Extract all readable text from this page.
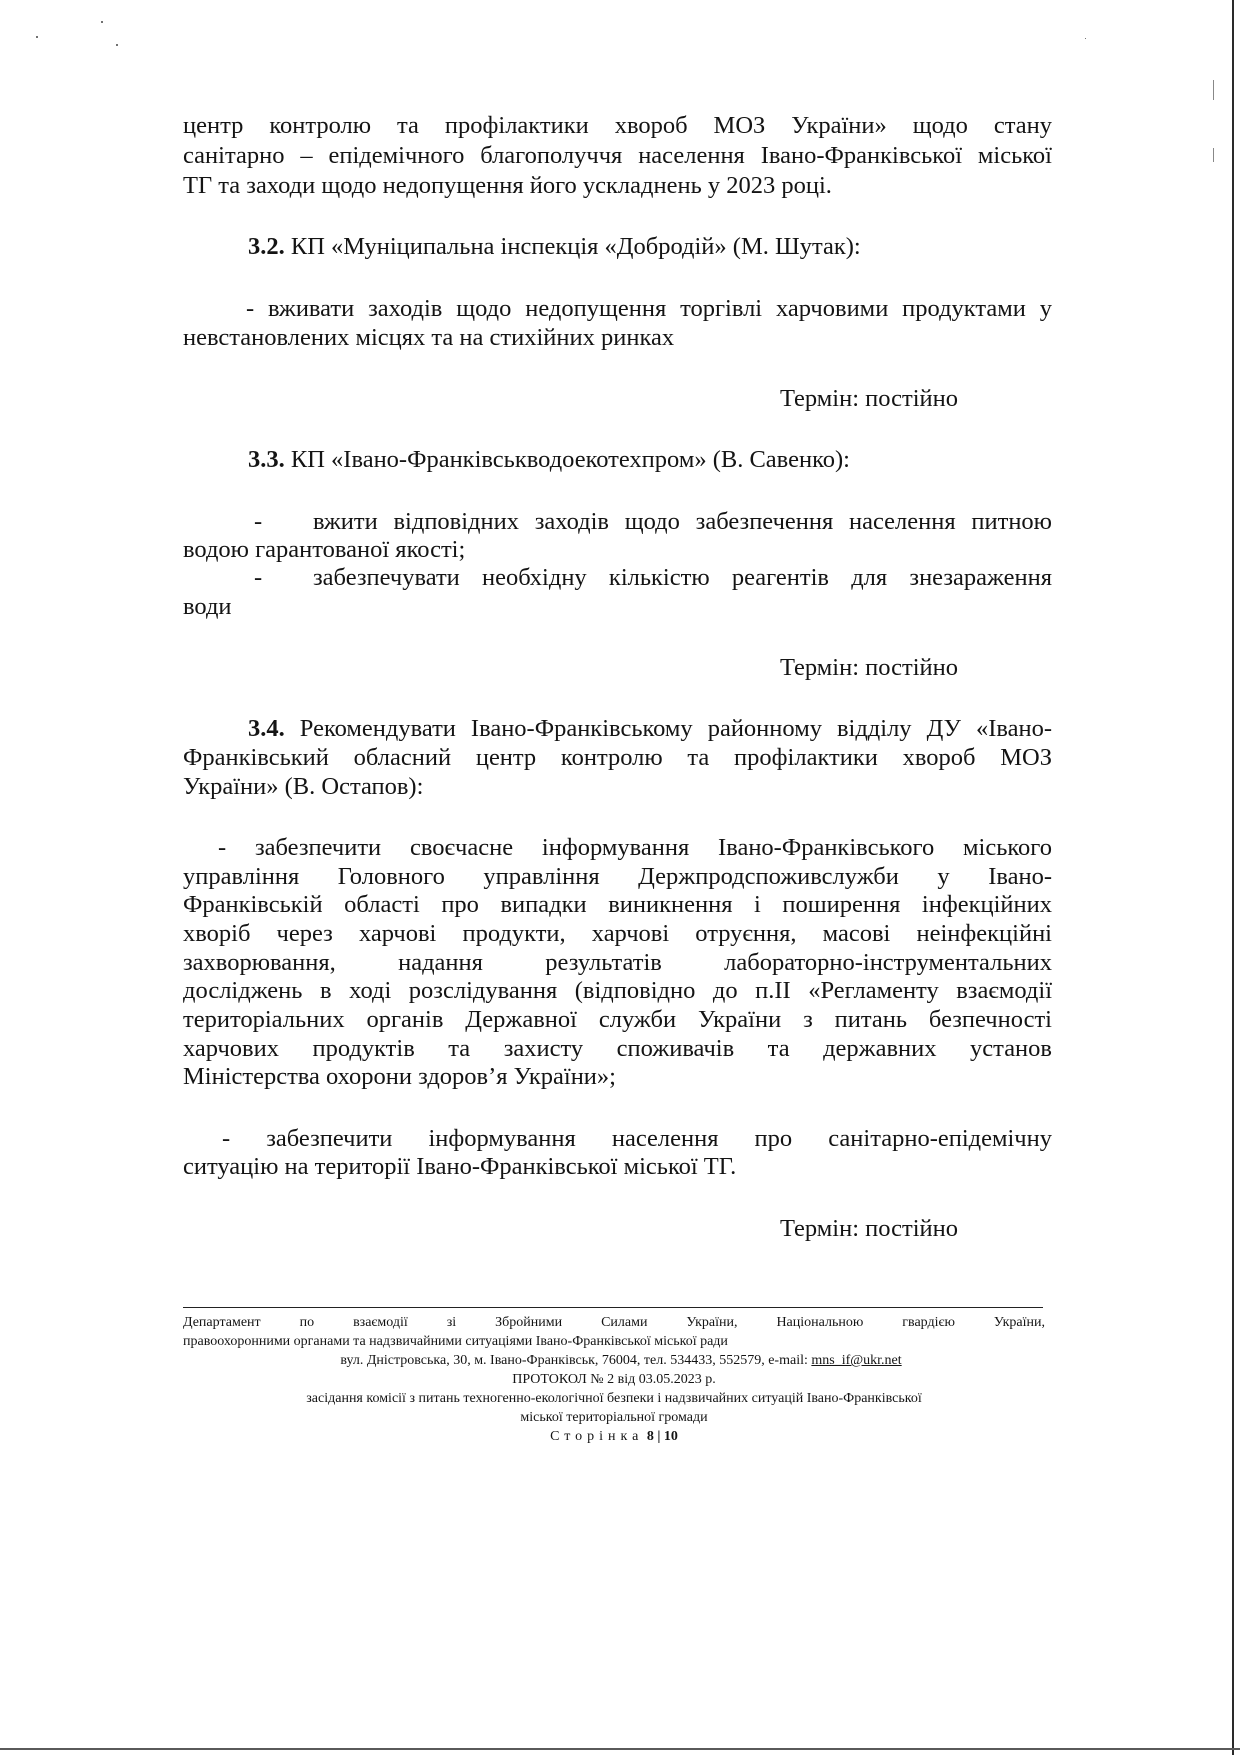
центр контролю та профілактики хвороб МОЗ України» щодо стану
санітарно – епідемічного благополуччя населення Івано-Франківської міської
ТГ та заходи щодо недопущення його ускладнень у 2023 році.
3.2. КП «Муніципальна інспекція «Добродій» (М. Шутак):
- вживати заходів щодо недопущення торгівлі харчовими продуктами у
невстановлених місцях та на стихійних ринках
Термін: постійно
3.3. КП «Івано-Франківськводоекотехпром» (В. Савенко):
-	вжити відповідних заходів щодо забезпечення населення питною
водою гарантованої якості;
-	забезпечувати необхідну кількістю реагентів для знезараження
води
Термін: постійно
3.4. Рекомендувати Івано-Франківському районному відділу ДУ «Івано-
Франківський обласний центр контролю та профілактики хвороб МОЗ
України» (В. Остапов):
- забезпечити своєчасне інформування Івано-Франківського міського
управління Головного управління Держпродспоживслужби у Івано-
Франківській області про випадки виникнення і поширення інфекційних
хворіб через харчові продукти, харчові отруєння, масові неінфекційні
захворювання, надання результатів лабораторно-інструментальних
досліджень в ході розслідування (відповідно до п.ІІ «Регламенту взаємодії
територіальних органів Державної служби України з питань безпечності
харчових продуктів та захисту споживачів та державних установ
Міністерства охорони здоров’я України»;
- забезпечити інформування населення про санітарно-епідемічну
ситуацію на території Івано-Франківської міської ТГ.
Термін: постійно
Департамент по взаємодії зі Збройними Силами України, Національною гвардією України,
правоохоронними органами та надзвичайними ситуаціями Івано-Франківської міської ради
вул. Дністровська, 30, м. Івано-Франківськ, 76004, тел. 534433, 552579, e-mail: mns_if@ukr.net
ПРОТОКОЛ № 2 від 03.05.2023 р.
засідання комісії з питань техногенно-екологічної безпеки і надзвичайних ситуацій Івано-Франківської
міської територіальної громади
Сторінка 8 | 10
